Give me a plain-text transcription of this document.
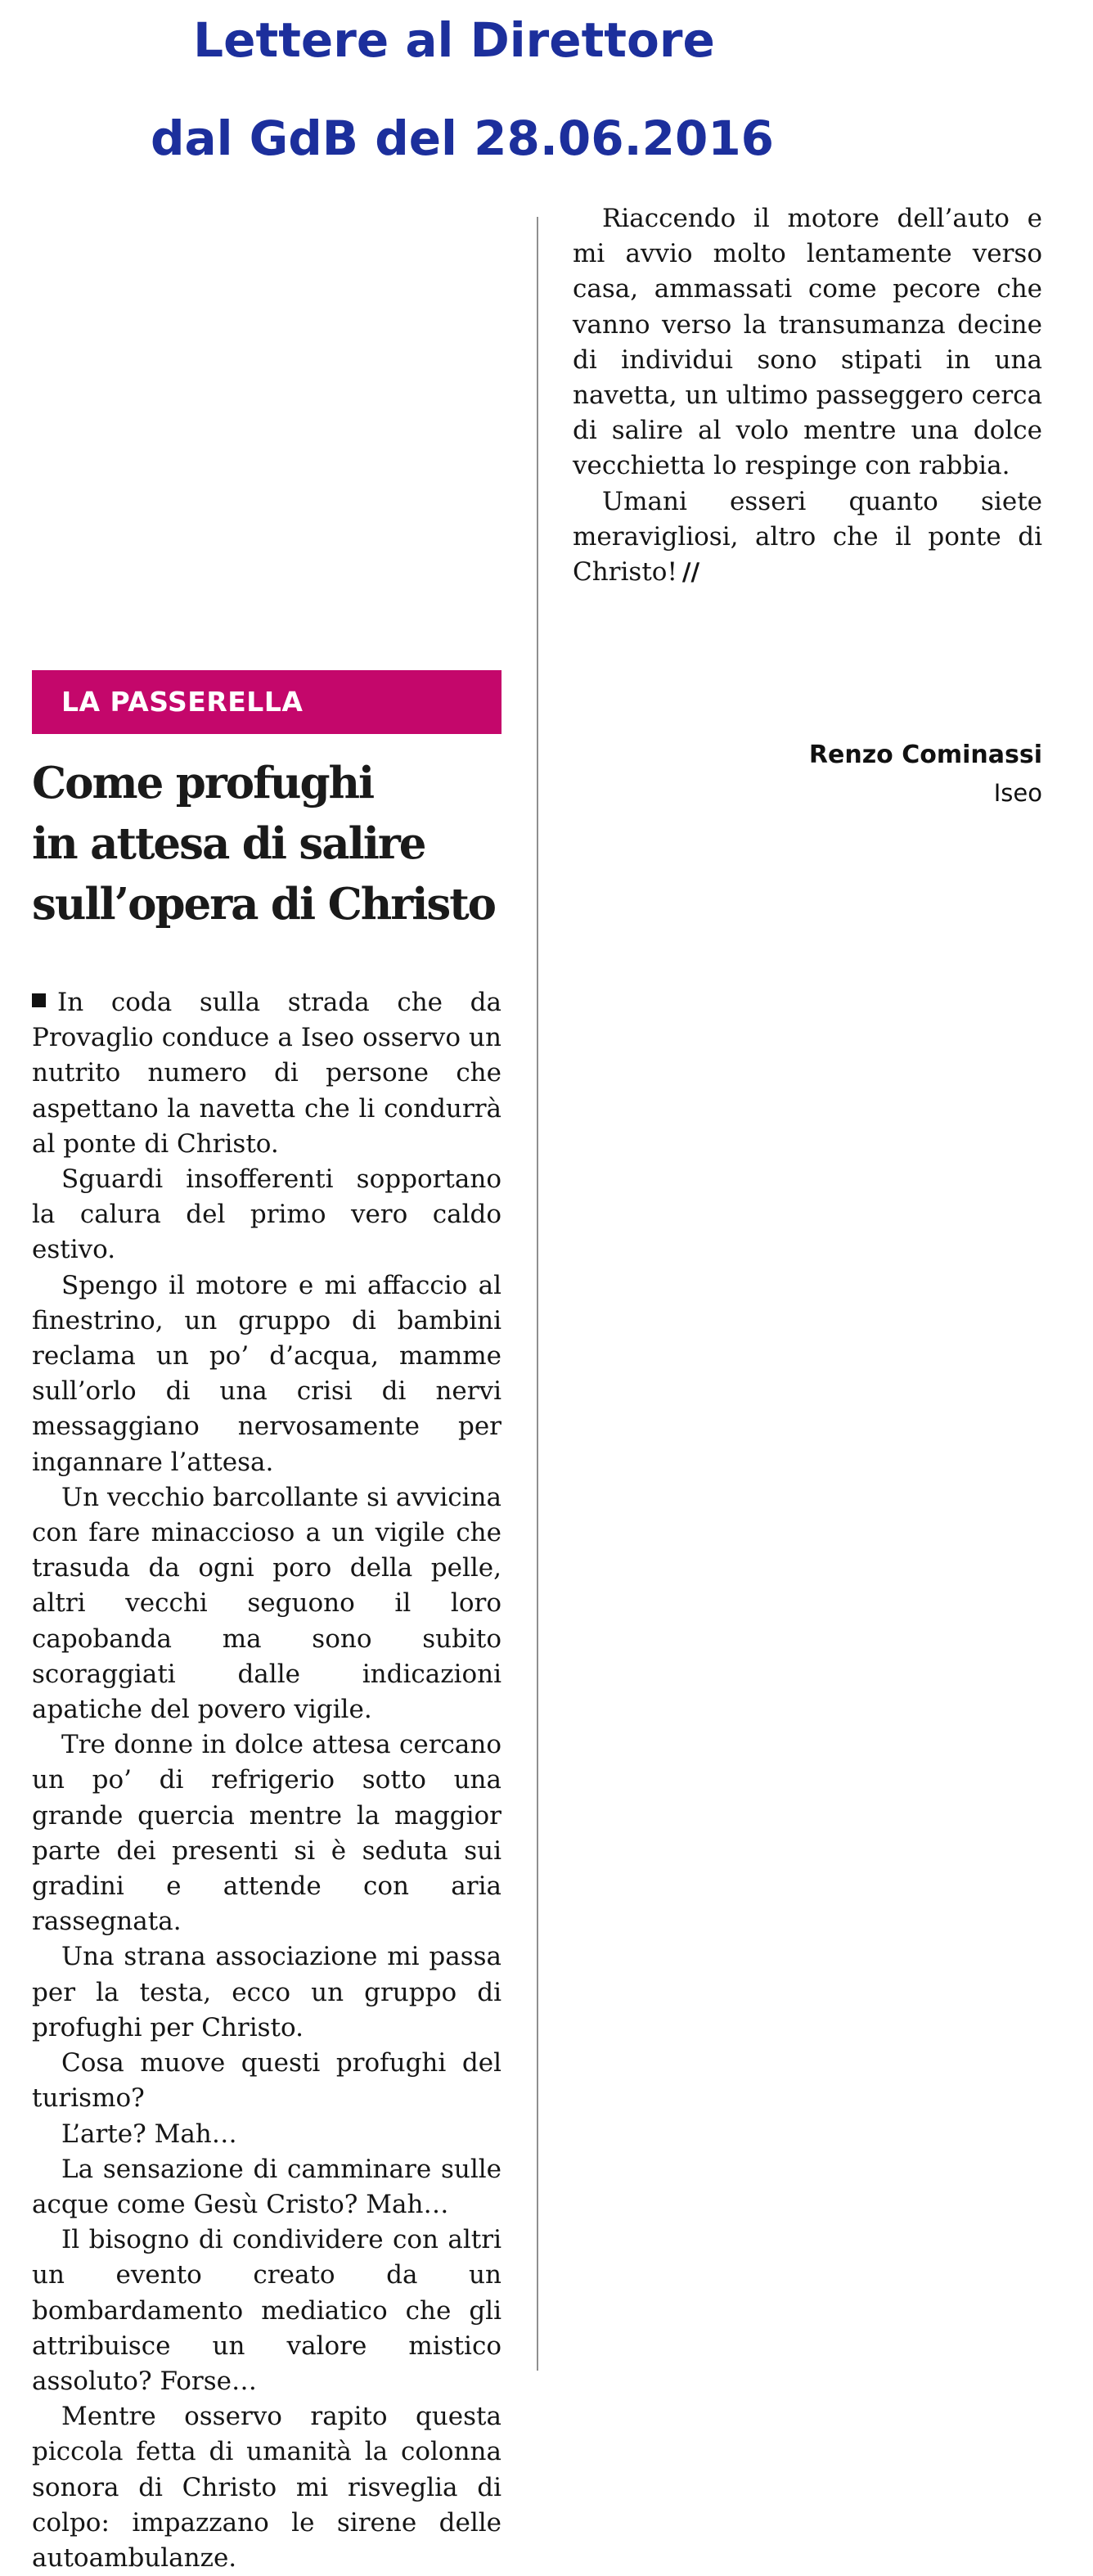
Lettere al Direttore
dal GdB del 28.06.2016
LA PASSERELLA
Come profughi
in attesa di salire
sull’opera di Christo

In coda sulla strada che da Provaglio conduce a Iseo osservo un nutrito numero di persone che aspettano la navetta che li condurrà al ponte di Christo.

Sguardi insofferenti sopportano la calura del primo vero caldo estivo.

Spengo il motore e mi affaccio al finestrino, un gruppo di bambini reclama un po’ d’acqua, mamme sull’orlo di una crisi di nervi messaggiano nervosamente per ingannare l’attesa.

Un vecchio barcollante si avvicina con fare minaccioso a un vigile che trasuda da ogni poro della pelle, altri vecchi seguono il loro capobanda ma sono subito scoraggiati dalle indicazioni apatiche del povero vigile.

Tre donne in dolce attesa cercano un po’ di refrigerio sotto una grande quercia mentre la maggior parte dei presenti si è seduta sui gradini e attende con aria rassegnata.

Una strana associazione mi passa per la testa, ecco un gruppo di profughi per Christo.

Cosa muove questi profughi del turismo?

L’arte? Mah…

La sensazione di camminare sulle acque come Gesù Cristo? Mah…

Il bisogno di condividere con altri un evento creato da un bombardamento mediatico che gli attribuisce un valore mistico assoluto? Forse…

Mentre osservo rapito questa piccola fetta di umanità la colonna sonora di Christo mi risveglia di colpo: impazzano le sirene delle autoambulanze.

Riaccendo il motore dell’auto e mi avvio molto lentamente verso casa, ammassati come pecore che vanno verso la transumanza decine di individui sono stipati in una navetta, un ultimo passeggero cerca di salire al volo mentre una dolce vecchietta lo respinge con rabbia.

Umani esseri quanto siete meravigliosi, altro che il ponte di Christo! //

Renzo Cominassi
Iseo
